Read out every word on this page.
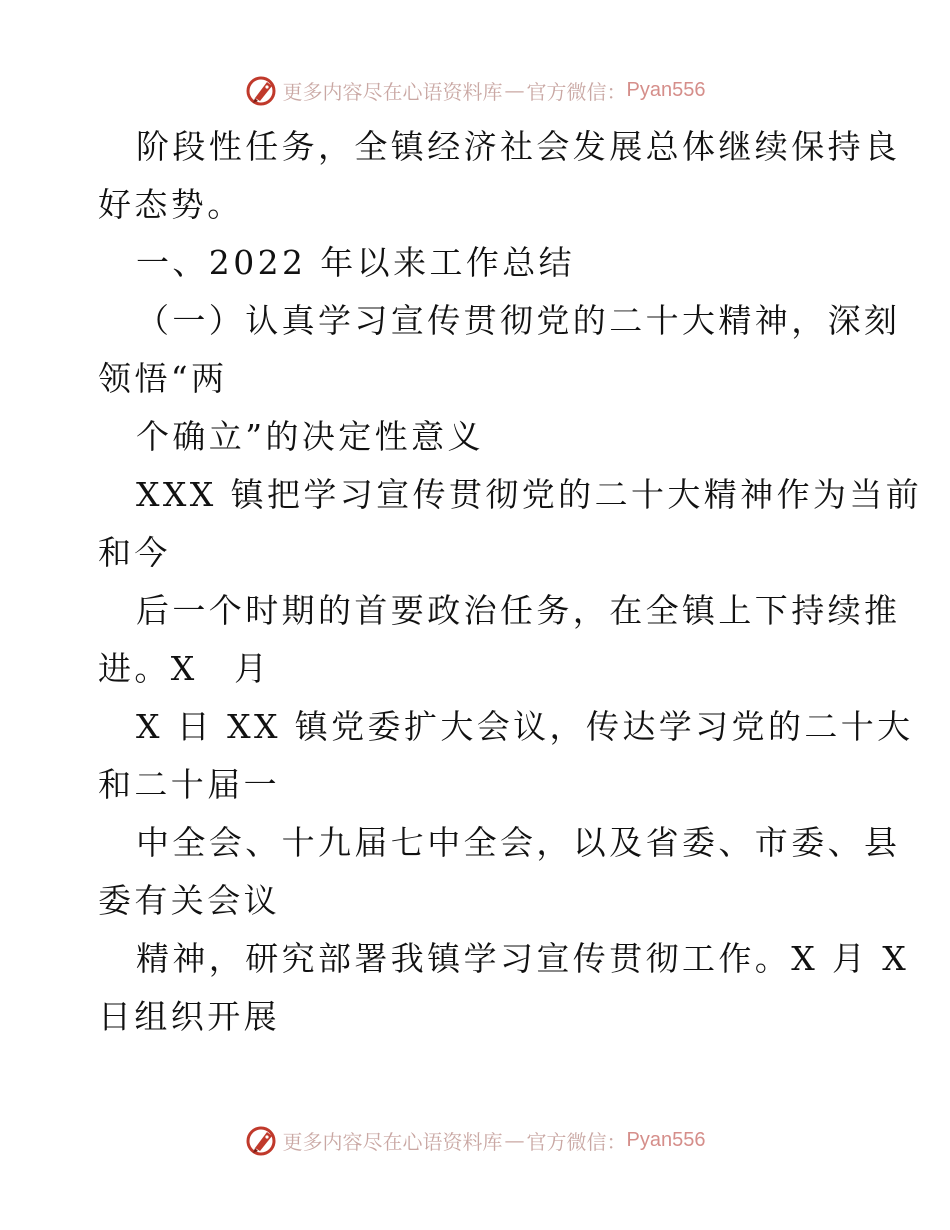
更多内容尽在心语资料库 — 官方微信： Pyan556
阶段性任务，全镇经济社会发展总体继续保持良
好态势。
一、2022 年以来工作总结
（一）认真学习宣传贯彻党的二十大精神，深刻
领悟“两
个确立”的决定性意义
XXX 镇把学习宣传贯彻党的二十大精神作为当前
和今
后一个时期的首要政治任务，在全镇上下持续推
进。X　月
X 日 XX 镇党委扩大会议，传达学习党的二十大
和二十届一
中全会、十九届七中全会，以及省委、市委、县
委有关会议
精神，研究部署我镇学习宣传贯彻工作。X 月 X
日组织开展
更多内容尽在心语资料库 — 官方微信： Pyan556
